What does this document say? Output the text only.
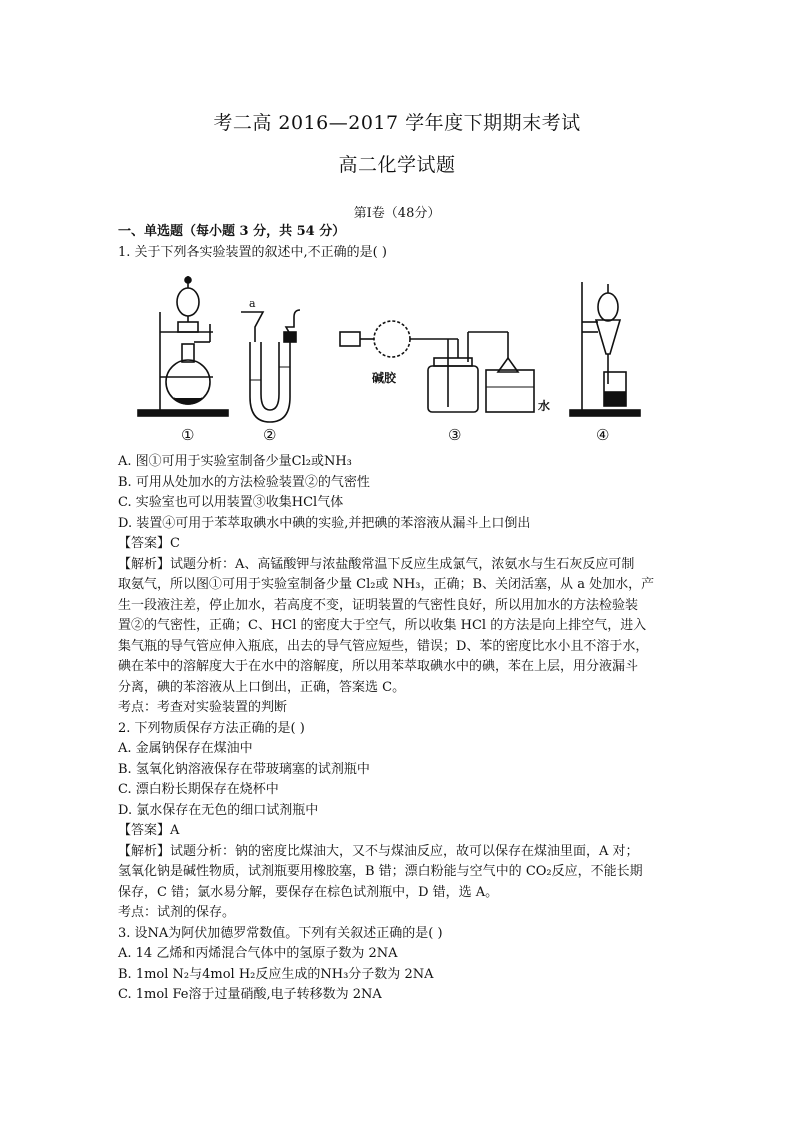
考二高 2016—2017 学年度下期期末考试
高二化学试题
第Ⅰ卷（48分）
一、单选题（每小题 3 分，共 54 分）
1. 关于下列各实验装置的叙述中,不正确的是( )
①	②	③	④
a
碱胶
水
A. 图①可用于实验室制备少量Cl₂或NH₃
B. 可用从处加水的方法检验装置②的气密性
C. 实验室也可以用装置③收集HCl气体
D. 装置④可用于苯萃取碘水中碘的实验,并把碘的苯溶液从漏斗上口倒出
【答案】C
【解析】试题分析：A、高锰酸钾与浓盐酸常温下反应生成氯气，浓氨水与生石灰反应可制
取氨气，所以图①可用于实验室制备少量 Cl₂或 NH₃，正确；B、关闭活塞，从 a 处加水，产
生一段液注差，停止加水，若高度不变，证明装置的气密性良好，所以用加水的方法检验装
置②的气密性，正确；C、HCl 的密度大于空气，所以收集 HCl 的方法是向上排空气，进入
集气瓶的导气管应伸入瓶底，出去的导气管应短些，错误；D、苯的密度比水小且不溶于水，
碘在苯中的溶解度大于在水中的溶解度，所以用苯萃取碘水中的碘，苯在上层，用分液漏斗
分离，碘的苯溶液从上口倒出，正确，答案选 C。
考点：考查对实验装置的判断
2. 下列物质保存方法正确的是( )
A. 金属钠保存在煤油中
B. 氢氧化钠溶液保存在带玻璃塞的试剂瓶中
C. 漂白粉长期保存在烧杯中
D. 氯水保存在无色的细口试剂瓶中
【答案】A
【解析】试题分析：钠的密度比煤油大，又不与煤油反应，故可以保存在煤油里面，A 对；
氢氧化钠是碱性物质，试剂瓶要用橡胶塞，B 错；漂白粉能与空气中的 CO₂反应，不能长期
保存，C 错；氯水易分解，要保存在棕色试剂瓶中，D 错，选 A。
考点：试剂的保存。
3. 设NA为阿伏加德罗常数值。下列有关叙述正确的是( )
A. 14 乙烯和丙烯混合气体中的氢原子数为 2NA
B. 1mol N₂与4mol H₂反应生成的NH₃分子数为 2NA
C. 1mol Fe溶于过量硝酸,电子转移数为 2NA
